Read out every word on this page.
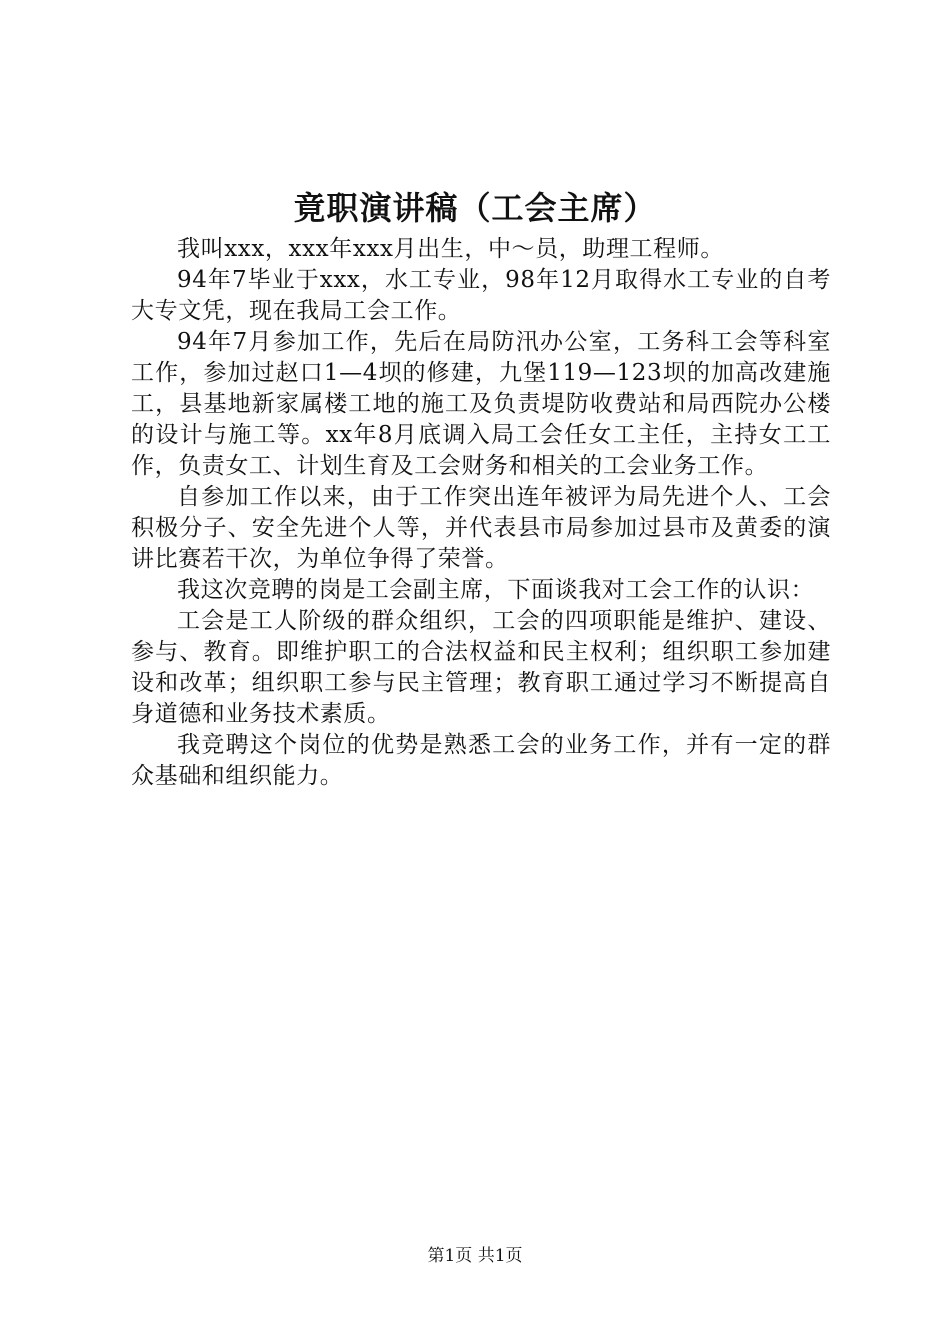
竟职演讲稿（工会主席）

我叫xxx，xxx年xxx月出生，中～员，助理工程师。

94年7毕业于xxx，水工专业，98年12月取得水工专业的自考大专文凭，现在我局工会工作。

94年7月参加工作，先后在局防汛办公室，工务科工会等科室工作，参加过赵口1—4坝的修建，九堡119—123坝的加高改建施工，县基地新家属楼工地的施工及负责堤防收费站和局西院办公楼的设计与施工等。xx年8月底调入局工会任女工主任，主持女工工作，负责女工、计划生育及工会财务和相关的工会业务工作。

自参加工作以来，由于工作突出连年被评为局先进个人、工会积极分子、安全先进个人等，并代表县市局参加过县市及黄委的演讲比赛若干次，为单位争得了荣誉。

我这次竞聘的岗是工会副主席，下面谈我对工会工作的认识：

工会是工人阶级的群众组织，工会的四项职能是维护、建设、参与、教育。即维护职工的合法权益和民主权利；组织职工参加建设和改革；组织职工参与民主管理；教育职工通过学习不断提高自身道德和业务技术素质。

我竞聘这个岗位的优势是熟悉工会的业务工作，并有一定的群众基础和组织能力。

第1页 共1页
